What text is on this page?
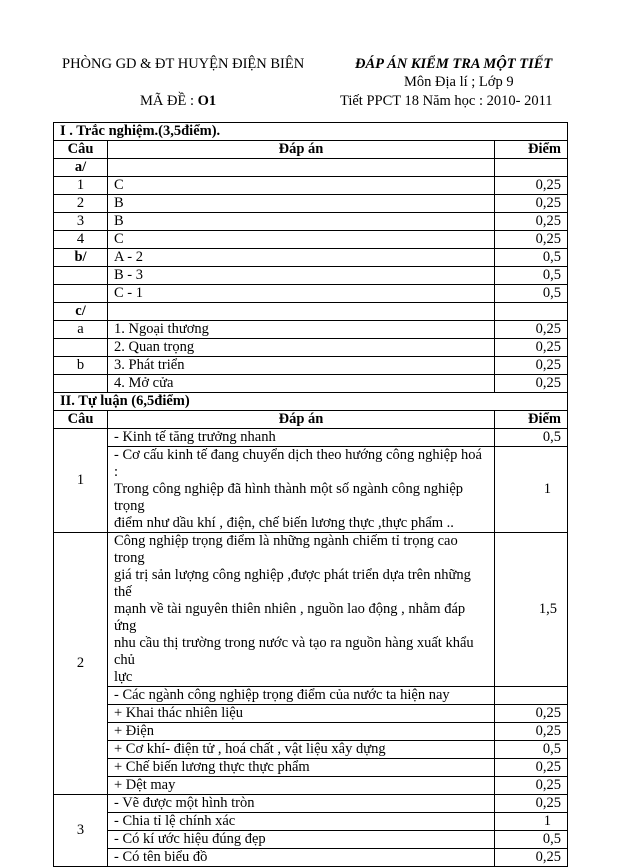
PHÒNG GD & ĐT HUYỆN ĐIỆN BIÊN	ĐÁP ÁN KIỂM TRA MỘT TIẾT
Môn Địa lí ; Lớp 9
MÃ ĐỀ : O1	Tiết PPCT 18 Năm học : 2010- 2011
I . Trắc nghiệm.(3,5điểm).		
Câu	Đáp án	Điểm
a/		
1	C	0,25
2	B	0,25
3	B	0,25
4	C	0,25
b/	A - 2	0,5
	B - 3	0,5
	C - 1	0,5
c/		
a	1. Ngoại thương	0,25
	2. Quan trọng	0,25
b	3. Phát triển	0,25
	4. Mở cửa	0,25
II. Tự luận (6,5điểm)		
Câu	Đáp án	Điểm
1	- Kinh tế tăng trưởng nhanh	0,5

	- Cơ cấu kinh tế đang chuyển dịch theo hướng công nghiệp hoá :
Trong công nghiệp đã hình thành một số ngành công nghiệp trọng
điểm như dầu khí , điện, chế biến lương thực ,thực phẩm ..	1
2	Công nghiệp trọng điểm là những ngành chiếm tỉ trọng cao trong
giá trị sản lượng công nghiệp ,được phát triển dựa trên những thế
mạnh về tài nguyên thiên nhiên , nguồn lao động , nhằm đáp ứng
nhu cầu thị trường trong nước và tạo ra nguồn hàng xuất khẩu chủ
lực	1,5
	- Các ngành công nghiệp trọng điểm của nước ta hiện nay	
	+ Khai thác nhiên liệu	0,25
	+ Điện	0,25
	+ Cơ khí- điện tử , hoá chất , vật liệu xây dựng	0,5
	+ Chế biến lương thực thực phẩm	0,25
	+ Dệt may	0,25
3	- Vẽ được một hình tròn	0,25
	- Chia tỉ lệ chính xác	1
	- Có kí ước hiệu đúng đẹp	0,5
	- Có tên biểu đồ	0,25
